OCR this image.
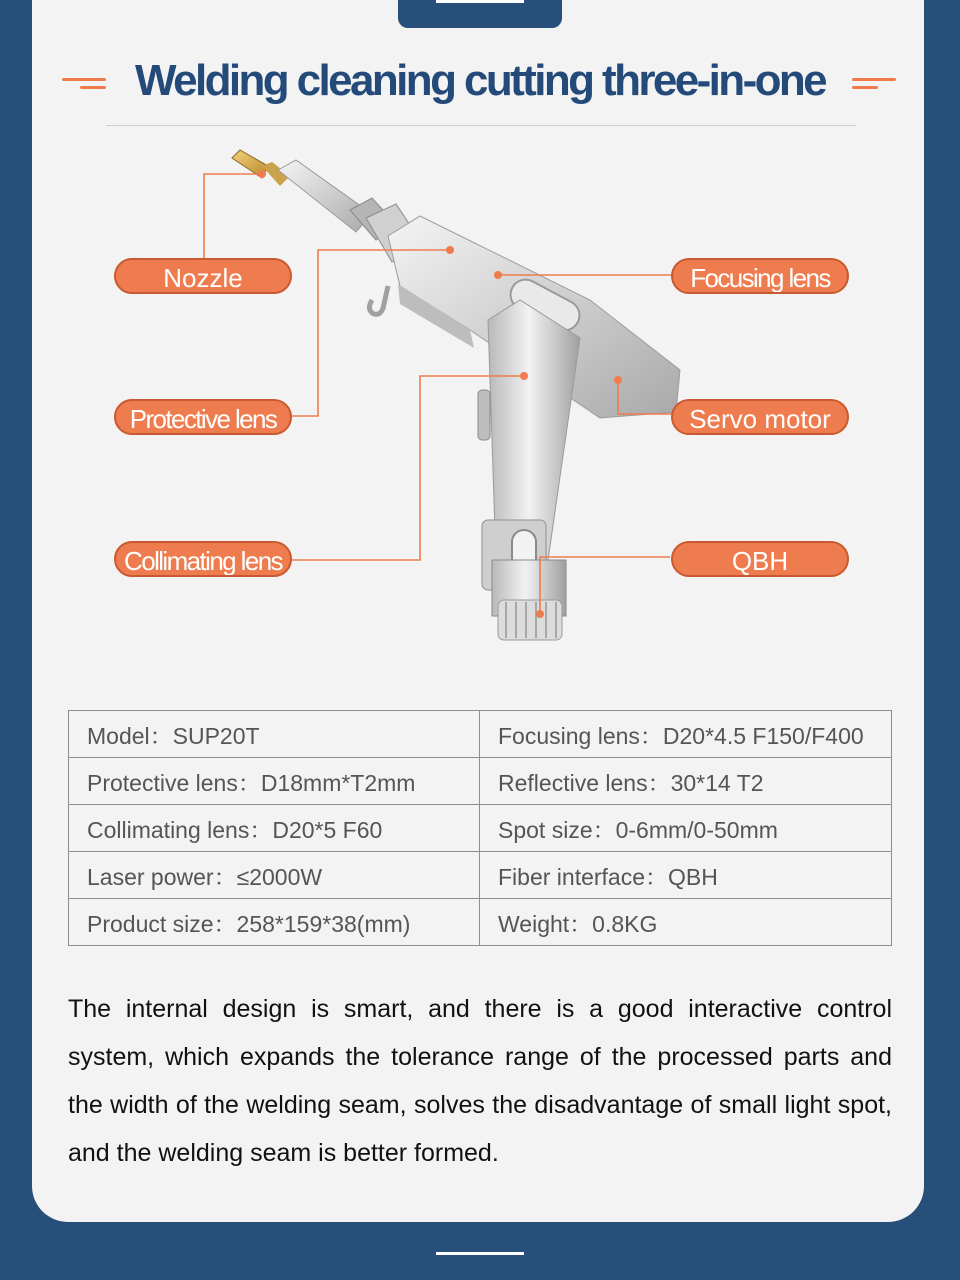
Welding cleaning cutting three-in-one
Nozzle
Protective lens
Collimating lens
Focusing lens
Servo motor
QBH
Model：SUP20T	Focusing lens：D20*4.5 F150/F400
Protective lens：D18mm*T2mm	Reflective lens：30*14 T2
Collimating lens：D20*5 F60	Spot size：0-6mm/0-50mm
Laser power：≤2000W	Fiber interface：QBH
Product size：258*159*38(mm)	Weight：0.8KG
The internal design is smart, and there is a good interactive control system, which expands the tolerance range of the processed parts and the width of the welding seam, solves the disadvantage of small light spot, and the welding seam is better formed.
